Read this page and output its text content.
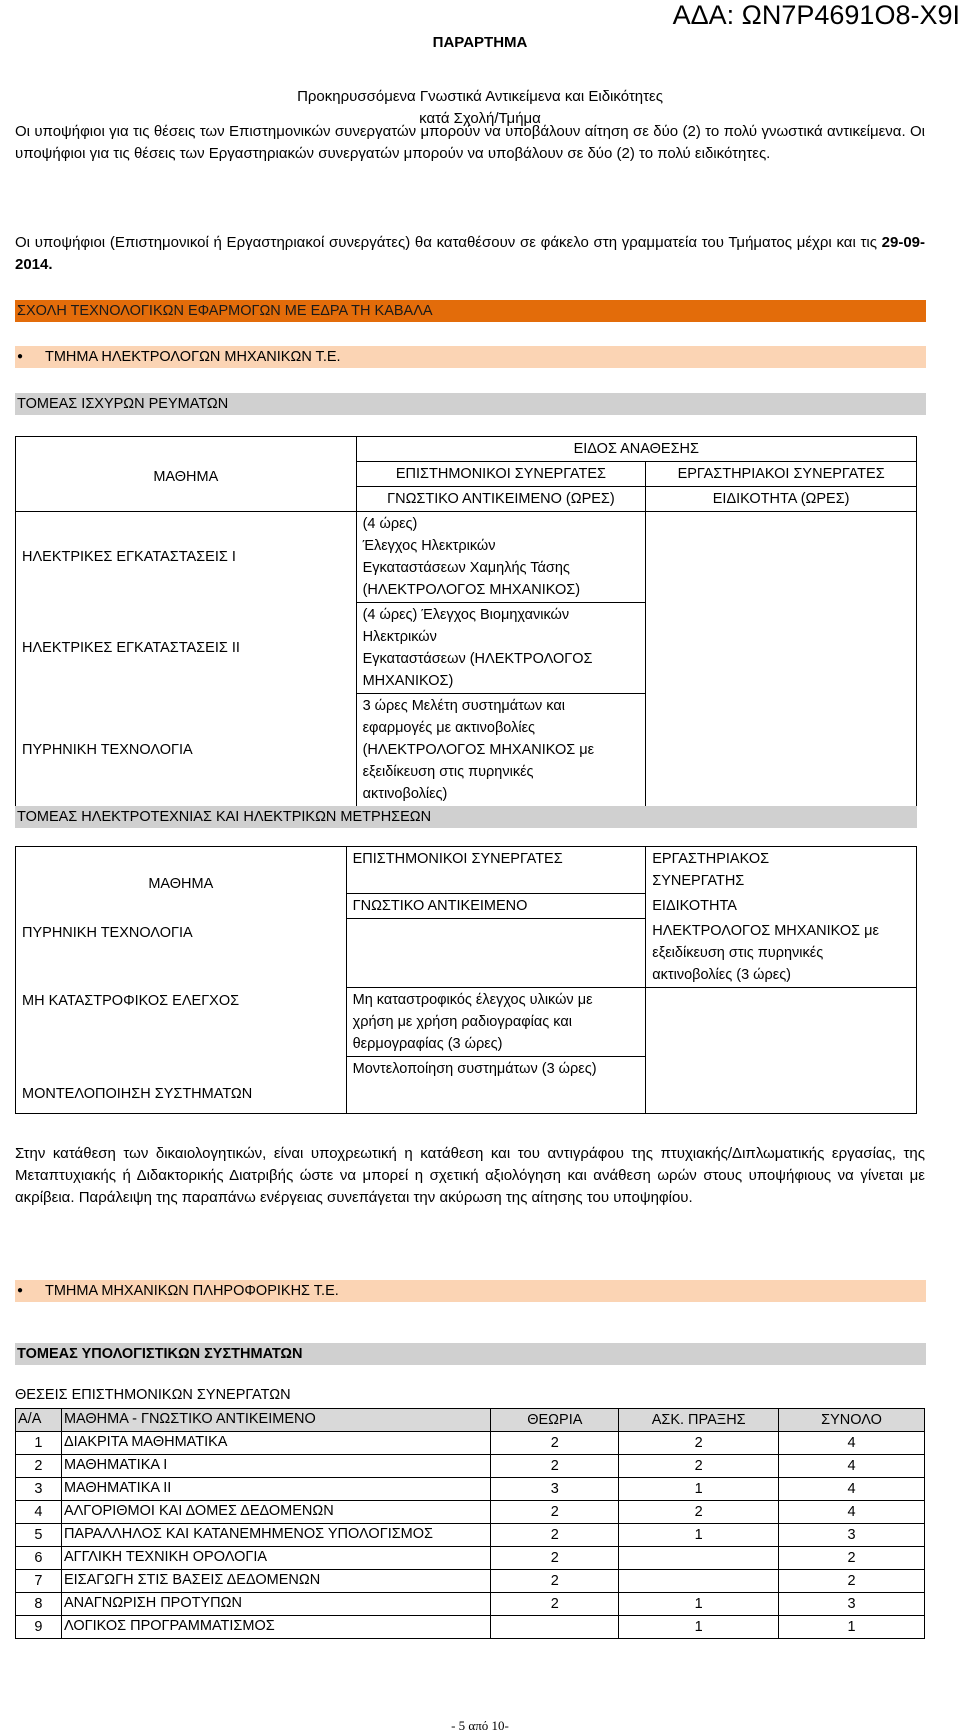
ΑΔΑ: ΩΝ7Ρ4691Ο8-Χ9Ι
ΠΑΡΑΡΤΗΜΑ
Προκηρυσσόμενα Γνωστικά Αντικείμενα και Ειδικότητες
κατά Σχολή/Τμήμα
Οι υποψήφιοι για τις θέσεις των Επιστημονικών συνεργατών μπορούν να υποβάλουν αίτηση σε δύο (2) το πολύ γνωστικά αντικείμενα. Οι υποψήφιοι για τις θέσεις των Εργαστηριακών συνεργατών μπορούν να υποβάλουν σε δύο (2) το πολύ ειδικότητες.
Οι υποψήφιοι (Επιστημονικοί ή Εργαστηριακοί συνεργάτες) θα καταθέσουν σε φάκελο στη γραμματεία του Τμήματος μέχρι και τις 29-09-2014.
ΣΧΟΛΗ ΤΕΧΝΟΛΟΓΙΚΩΝ ΕΦΑΡΜΟΓΩΝ ΜΕ ΕΔΡΑ ΤΗ ΚΑΒΑΛΑ
● ΤΜΗΜΑ ΗΛΕΚΤΡΟΛΟΓΩΝ ΜΗΧΑΝΙΚΩΝ Τ.Ε.
ΤΟΜΕΑΣ ΙΣΧΥΡΩΝ ΡΕΥΜΑΤΩΝ
ΜΑΘΗΜΑ	ΕΙΔΟΣ ΑΝΑΘΕΣΗΣ	
	ΕΠΙΣΤΗΜΟΝΙΚΟΙ ΣΥΝΕΡΓΑΤΕΣ	ΕΡΓΑΣΤΗΡΙΑΚΟΙ ΣΥΝΕΡΓΑΤΕΣ
	ΓΝΩΣΤΙΚΟ ΑΝΤΙΚΕΙΜΕΝΟ (ΩΡΕΣ)	ΕΙΔΙΚΟΤΗΤΑ (ΩΡΕΣ)
ΗΛΕΚΤΡΙΚΕΣ ΕΓΚΑΤΑΣΤΑΣΕΙΣ Ι	(4 ώρες)
Έλεγχος Ηλεκτρικών
Εγκαταστάσεων Χαμηλής Τάσης
(ΗΛΕΚΤΡΟΛΟΓΟΣ ΜΗΧΑΝΙΚΟΣ)	

ΗΛΕΚΤΡΙΚΕΣ ΕΓΚΑΤΑΣΤΑΣΕΙΣ ΙΙ	(4 ώρες) Έλεγχος Βιομηχανικών
Ηλεκτρικών
Εγκαταστάσεων (ΗΛΕΚΤΡΟΛΟΓΟΣ
ΜΗΧΑΝΙΚΟΣ)	

ΠΥΡΗΝΙΚΗ ΤΕΧΝΟΛΟΓΙΑ	3 ώρες Μελέτη συστημάτων και
εφαρμογές με ακτινοβολίες
(ΗΛΕΚΤΡΟΛΟΓΟΣ ΜΗΧΑΝΙΚΟΣ με
εξειδίκευση στις πυρηνικές
ακτινοβολίες)	
ΤΟΜΕΑΣ ΗΛΕΚΤΡΟΤΕΧΝΙΑΣ ΚΑΙ ΗΛΕΚΤΡΙΚΩΝ ΜΕΤΡΗΣΕΩΝ
ΜΑΘΗΜΑ	ΕΠΙΣΤΗΜΟΝΙΚΟΙ ΣΥΝΕΡΓΑΤΕΣ	ΕΡΓΑΣΤΗΡΙΑΚΟΣ
ΣΥΝΕΡΓΑΤΗΣ

	ΓΝΩΣΤΙΚΟ ΑΝΤΙΚΕΙΜΕΝΟ	ΕΙΔΙΚΟΤΗΤΑ

ΠΥΡΗΝΙΚΗ ΤΕΧΝΟΛΟΓΙΑ		ΗΛΕΚΤΡΟΛΟΓΟΣ ΜΗΧΑΝΙΚΟΣ με
εξειδίκευση στις πυρηνικές
ακτινοβολίες (3 ώρες)

ΜΗ ΚΑΤΑΣΤΡΟΦΙΚΟΣ ΕΛΕΓΧΟΣ	Μη καταστροφικός έλεγχος υλικών με
χρήση με χρήση ραδιογραφίας και
θερμογραφίας (3 ώρες)	

ΜΟΝΤΕΛΟΠΟΙΗΣΗ ΣΥΣΤΗΜΑΤΩΝ	Μοντελοποίηση συστημάτων (3 ώρες)	
Στην κατάθεση των δικαιολογητικών, είναι υποχρεωτική η κατάθεση και του αντιγράφου της πτυχιακής/Διπλωματικής εργασίας, της Μεταπτυχιακής ή Διδακτορικής Διατριβής ώστε να μπορεί η σχετική αξιολόγηση και ανάθεση ωρών στους υποψήφιους να γίνεται με ακρίβεια. Παράλειψη της παραπάνω ενέργειας συνεπάγεται την ακύρωση της αίτησης του υποψηφίου.
● ΤΜΗΜΑ ΜΗΧΑΝΙΚΩΝ ΠΛΗΡΟΦΟΡΙΚΗΣ Τ.Ε.
ΤΟΜΕΑΣ ΥΠΟΛΟΓΙΣΤΙΚΩΝ ΣΥΣΤΗΜΑΤΩΝ
ΘΕΣΕΙΣ ΕΠΙΣΤΗΜΟΝΙΚΩΝ ΣΥΝΕΡΓΑΤΩΝ
Α/Α	ΜΑΘΗΜΑ - ΓΝΩΣΤΙΚΟ ΑΝΤΙΚΕΙΜΕΝΟ	ΘΕΩΡΙΑ	ΑΣΚ. ΠΡΑΞΗΣ	ΣΥΝΟΛΟ
1	ΔΙΑΚΡΙΤΑ ΜΑΘΗΜΑΤΙΚΑ	2	2	4
2	ΜΑΘΗΜΑΤΙΚΑ Ι	2	2	4
3	ΜΑΘΗΜΑΤΙΚΑ ΙΙ	3	1	4
4	ΑΛΓΟΡΙΘΜΟΙ ΚΑΙ ΔΟΜΕΣ ΔΕΔΟΜΕΝΩΝ	2	2	4
5	ΠΑΡΑΛΛΗΛΟΣ ΚΑΙ ΚΑΤΑΝΕΜΗΜΕΝΟΣ ΥΠΟΛΟΓΙΣΜΟΣ	2	1	3
6	ΑΓΓΛΙΚΗ ΤΕΧΝΙΚΗ ΟΡΟΛΟΓΙΑ	2		2
7	ΕΙΣΑΓΩΓΗ ΣΤΙΣ ΒΑΣΕΙΣ ΔΕΔΟΜΕΝΩΝ	2		2
8	ΑΝΑΓΝΩΡΙΣΗ ΠΡΟΤΥΠΩΝ	2	1	3
9	ΛΟΓΙΚΟΣ ΠΡΟΓΡΑΜΜΑΤΙΣΜΟΣ		1	1
- 5 από 10-
